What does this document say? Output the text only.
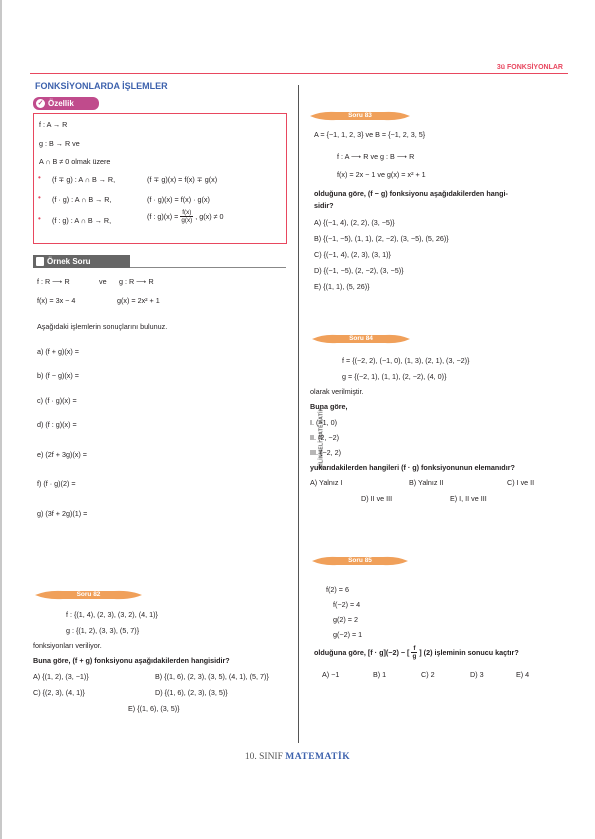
3ü FONKSİYONLAR
FONKSİYONLARDA İŞLEMLER
✓ Özellik
f : A → R
g : B → R ve
A ∩ B ≠ 0 olmak üzere
• (f ∓ g) : A ∩ B → R,	(f ∓ g)(x) = f(x) ∓ g(x)
• (f · g) : A ∩ B → R,	(f · g)(x) = f(x) · g(x)
• (f : g) : A ∩ B → R,	(f : $g)(x) = \frac{f(x)}{g(x)}$ , g(x) ≠ 0
Örnek Soru
f : R ⟶ R	ve g : R ⟶ R
f(x) = 3x − 4	g(x) = 2x² + 1
Aşağıdaki işlemlerin sonuçlarını bulunuz.
a) (f + g)(x) =
b) (f − g)(x) =
c) (f · g)(x) =
d) (f : g)(x) =
e) (2f + 3g)(x) =
f) (f · g)(2) =
g) (3f + 2g)(1) =
Soru 82
f : {(1, 4), (2, 3), (3, 2), (4, 1)}
g : {(1, 2), (3, 3), (5, 7)}
fonksiyonları veriliyor.
Buna göre, (f + g) fonksiyonu aşağıdakilerden hangisidir?
A) {(1, 2), (3, −1)}	B) {(1, 6), (2, 3), (3, 5), (4, 1), (5, 7)}
C) {(2, 3), (4, 1)}	D) {(1, 6), (2, 3), (3, 5)}
E) {(1, 6), (3, 5)}
BİLİNMELİ MATEMATİK
Soru 83
A = {−1, 1, 2, 3} ve B = {−1, 2, 3, 5}
f : A ⟶ R ve g : B ⟶ R
f(x) = 2x − 1 ve g(x) = x² + 1
olduğuna göre, (f − g) fonksiyonu aşağıdakilerden hangi-
sidir?
A) {(−1, 4), (2, 2), (3, −5)}
B) {(−1, −5), (1, 1), (2, −2), (3, −5), (5, 26)}
C) {(−1, 4), (2, 3), (3, 1)}
D) {(−1, −5), (2, −2), (3, −5)}
E) {(1, 1), (5, 26)}
Soru 84
f = {(−2, 2), (−1, 0), (1, 3), (2, 1), (3, −2)}
g = {(−2, 1), (1, 1), (2, −2), (4, 0)}
olarak verilmiştir.
Buna göre,
I. (−1, 0)
II. (2, −2)
III. (−2, 2)
yukarıdakilerden hangileri (f · g) fonksiyonunun elemanıdır?
A) Yalnız I	B) Yalnız II	C) I ve II
D) II ve III	E) I, II ve III
Soru 85
f(2) = 6
f(−2) = 4
g(2) = 2
g(−2) = 1
olduğuna göre, [f · g](−2) − [ $\frac{f}{g}$ ] (2) işleminin sonucu kaçtır?
A) −1	B) 1	C) 2	D) 3	E) 4
10. SINIF MATEMATİK
